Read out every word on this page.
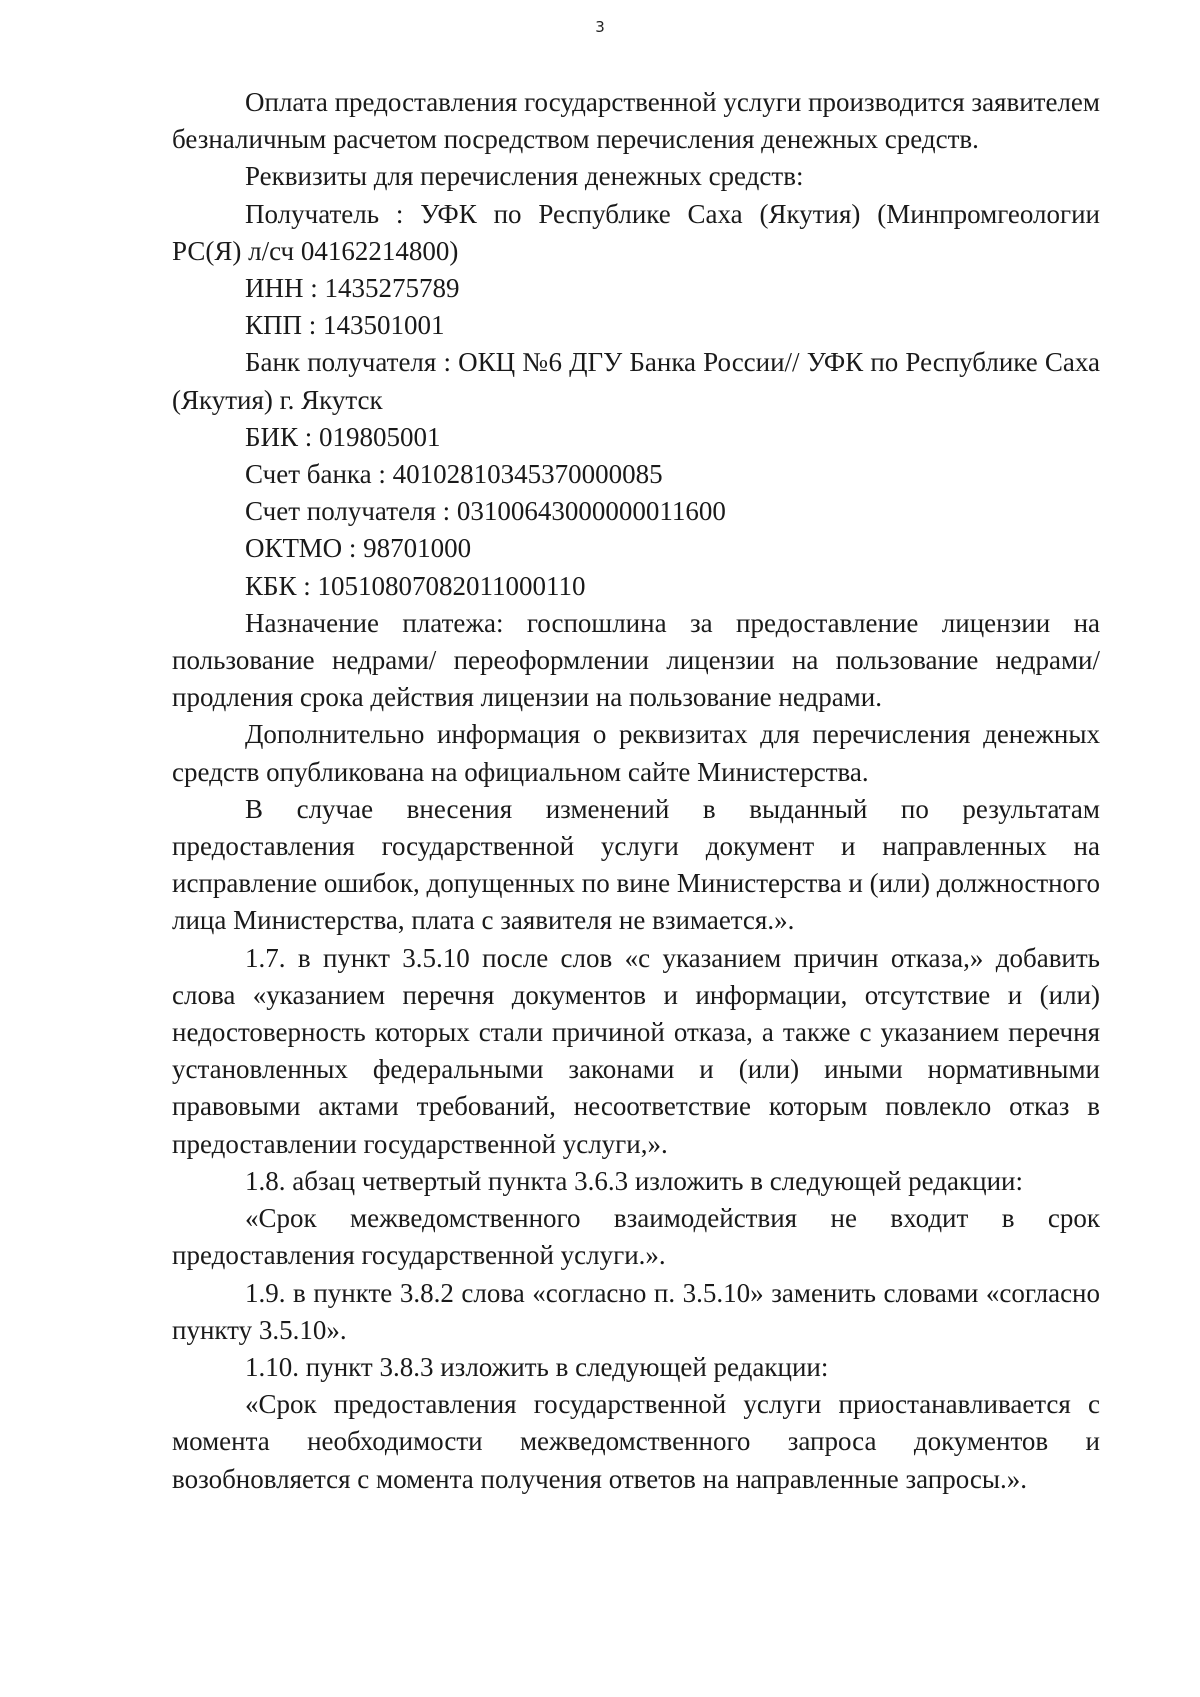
3

Оплата предоставления государственной услуги производится заявителем безналичным расчетом посредством перечисления денежных средств.

Реквизиты для перечисления денежных средств:

Получатель : УФК по Республике Саха (Якутия) (Минпромгеологии РС(Я) л/сч 04162214800)

ИНН : 1435275789

КПП : 143501001

Банк получателя : ОКЦ №6 ДГУ Банка России// УФК по Республике Саха (Якутия) г. Якутск

БИК : 019805001

Счет банка : 40102810345370000085

Счет получателя : 03100643000000011600

ОКТМО : 98701000

КБК : 10510807082011000110

Назначение платежа: госпошлина за предоставление лицензии на пользование недрами/ переоформлении лицензии на пользование недрами/продления срока действия лицензии на пользование недрами.

Дополнительно информация о реквизитах для перечисления денежных средств опубликована на официальном сайте Министерства.

В случае внесения изменений в выданный по результатам предоставления государственной услуги документ и направленных на исправление ошибок, допущенных по вине Министерства и (или) должностного лица Министерства, плата с заявителя не взимается.».

1.7. в пункт 3.5.10 после слов «с указанием причин отказа,» добавить слова «указанием перечня документов и информации, отсутствие и (или) недостоверность которых стали причиной отказа, а также с указанием перечня установленных федеральными законами и (или) иными нормативными правовыми актами требований, несоответствие которым повлекло отказ в предоставлении государственной услуги,».

1.8. абзац четвертый пункта 3.6.3 изложить в следующей редакции:

«Срок межведомственного взаимодействия не входит в срок предоставления государственной услуги.».

1.9. в пункте 3.8.2 слова «согласно п. 3.5.10» заменить словами «согласно пункту 3.5.10».

1.10. пункт 3.8.3 изложить в следующей редакции:

«Срок предоставления государственной услуги приостанавливается с момента необходимости межведомственного запроса документов и возобновляется с момента получения ответов на направленные запросы.».
